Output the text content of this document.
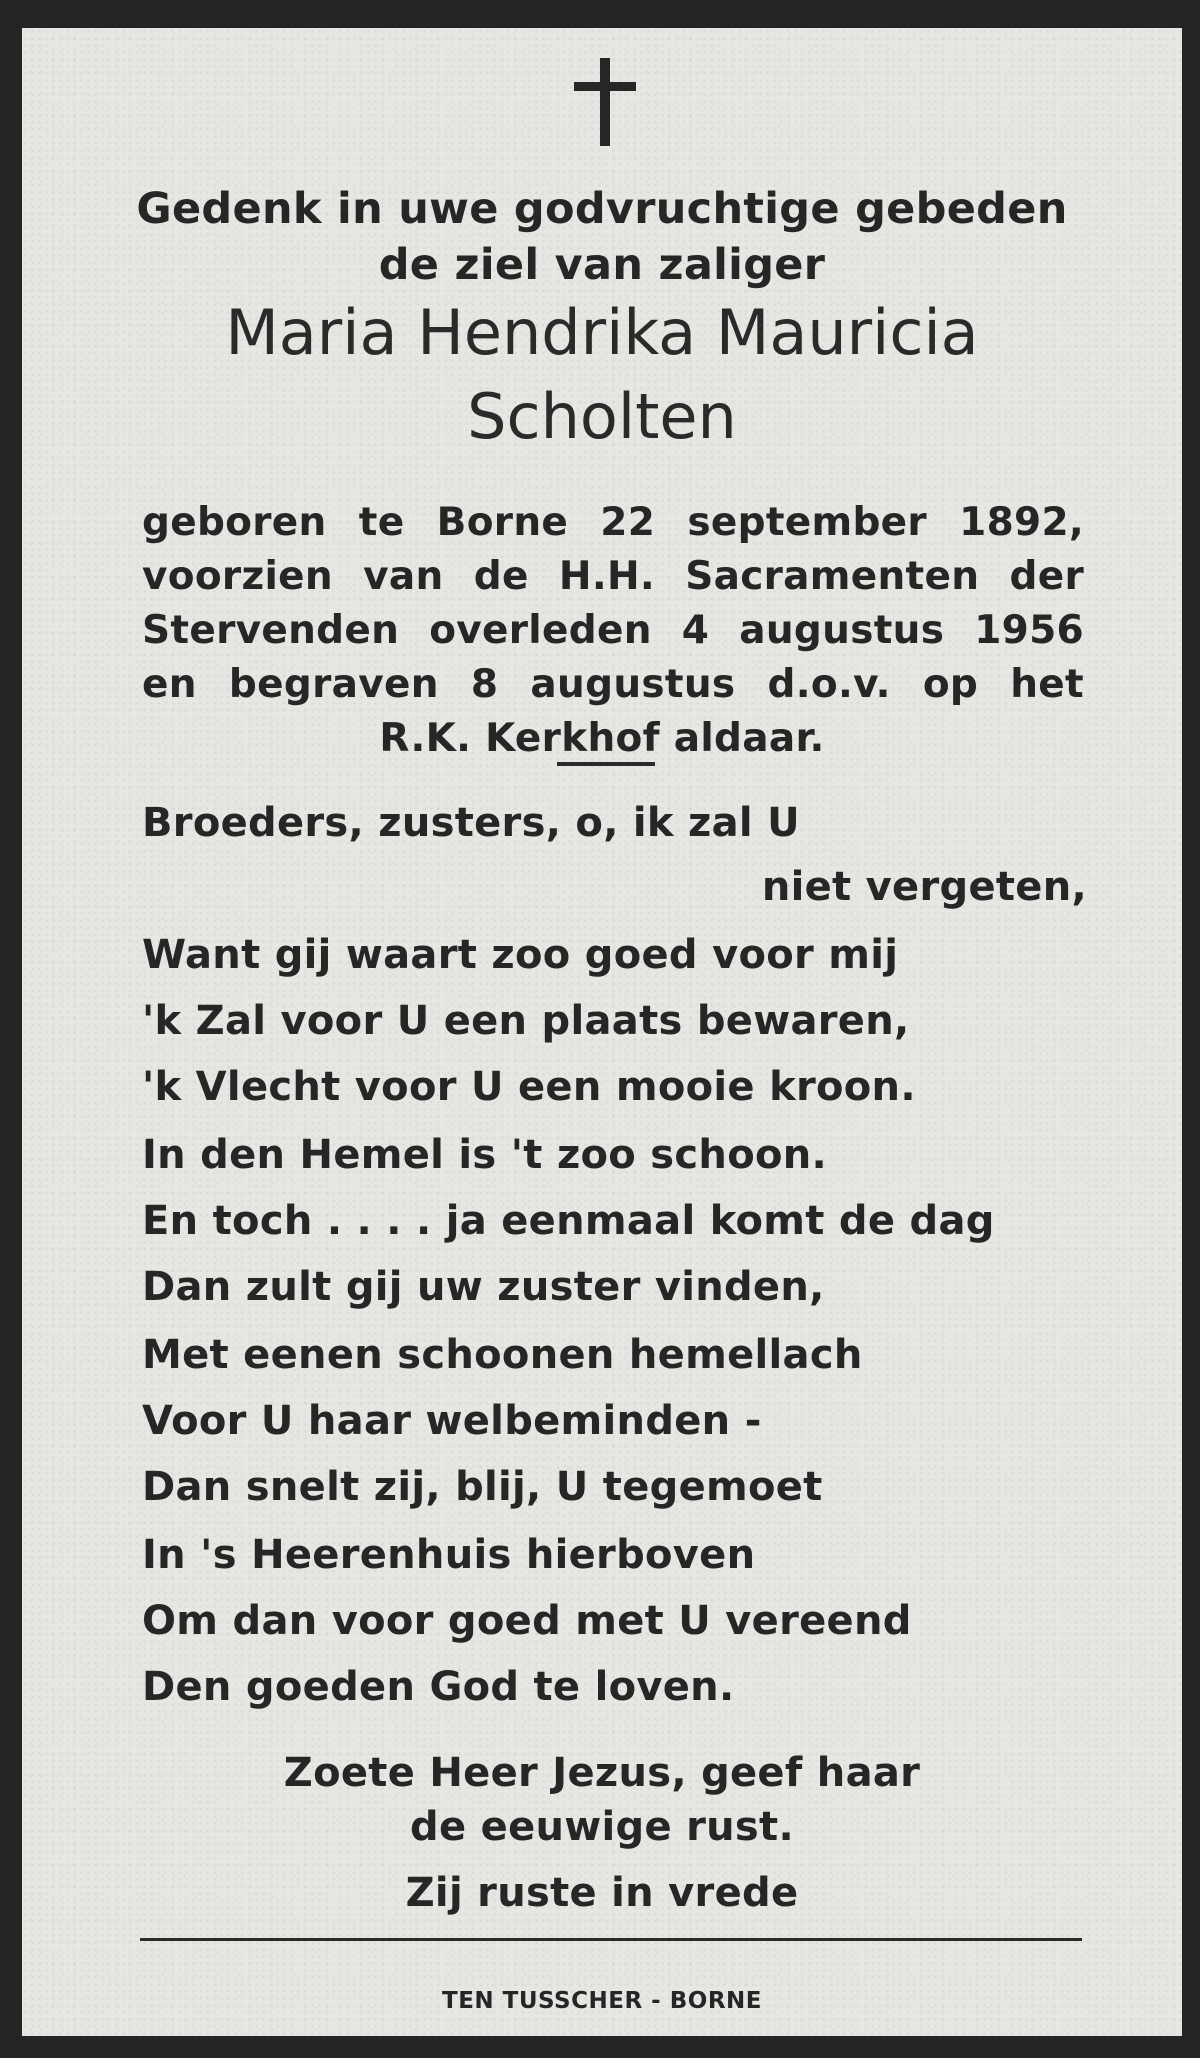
Gedenk in uwe godvruchtige gebeden
de ziel van zaliger
Maria Hendrika Mauricia
Scholten
geboren te Borne 22 september 1892,
voorzien van de H.H. Sacramenten der
Stervenden overleden 4 augustus 1956
en begraven 8 augustus d.o.v. op het
R.K. Kerkhof aldaar.
Broeders, zusters, o, ik zal U
niet vergeten,
Want gij waart zoo goed voor mij
'k Zal voor U een plaats bewaren,
'k Vlecht voor U een mooie kroon.
In den Hemel is 't zoo schoon.
En toch . . . . ja eenmaal komt de dag
Dan zult gij uw zuster vinden,
Met eenen schoonen hemellach
Voor U haar welbeminden -
Dan snelt zij, blij, U tegemoet
In 's Heerenhuis hierboven
Om dan voor goed met U vereend
Den goeden God te loven.
Zoete Heer Jezus, geef haar
de eeuwige rust.
Zij ruste in vrede
TEN TUSSCHER - BORNE
